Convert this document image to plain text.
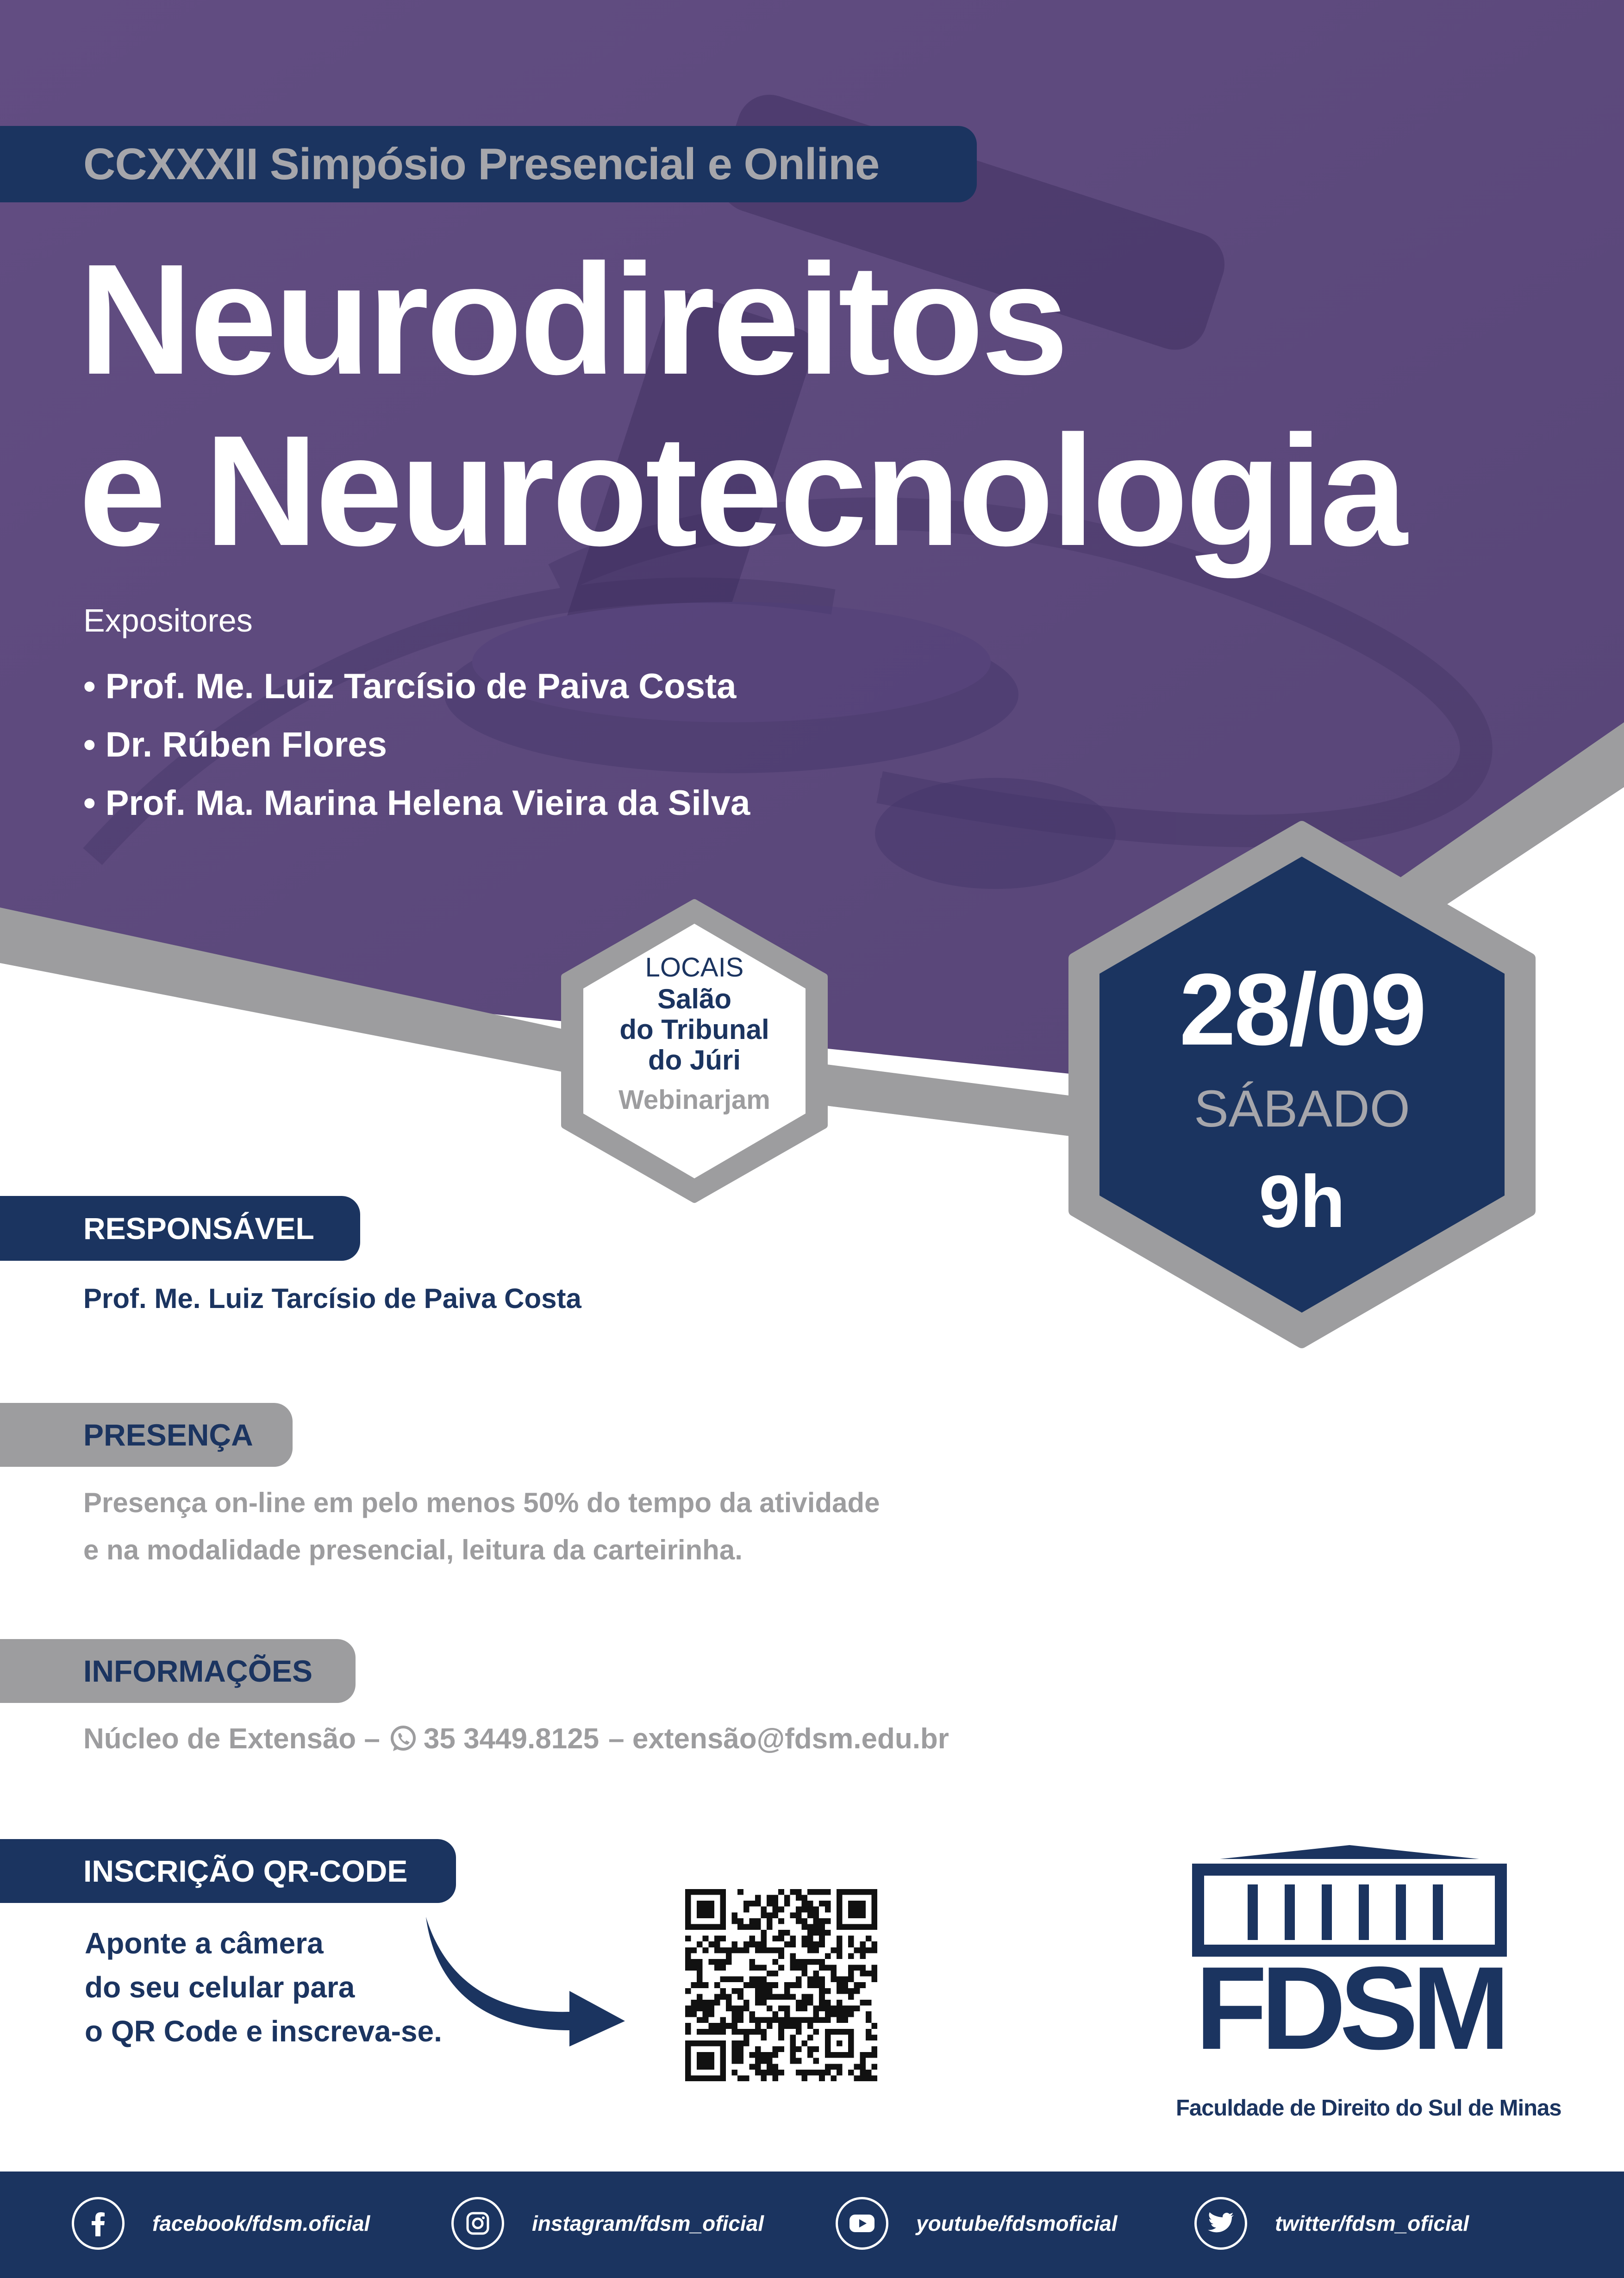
CCXXXII Simpósio Presencial e Online
Neurodireitos
e Neurotecnologia
Expositores
• Prof. Me. Luiz Tarcísio de Paiva Costa
• Dr. Rúben Flores
• Prof. Ma. Marina Helena Vieira da Silva
LOCAIS
Salão
do Tribunal
do Júri
Webinarjam
28/09
SÁBADO
9h
RESPONSÁVEL
Prof. Me. Luiz Tarcísio de Paiva Costa
PRESENÇA
Presença on-line em pelo menos 50% do tempo da atividade
e na modalidade presencial, leitura da carteirinha.
INFORMAÇÕES
Núcleo de Extensão – 35 3449.8125 – extensão@fdsm.edu.br
INSCRIÇÃO QR-CODE
Aponte a câmera
do seu celular para
o QR Code e inscreva-se.	FDSM
Faculdade de Direito do Sul de Minas
facebook/fdsm.oficial	instagram/fdsm_oficial	youtube/fdsmoficial	twitter/fdsm_oficial
